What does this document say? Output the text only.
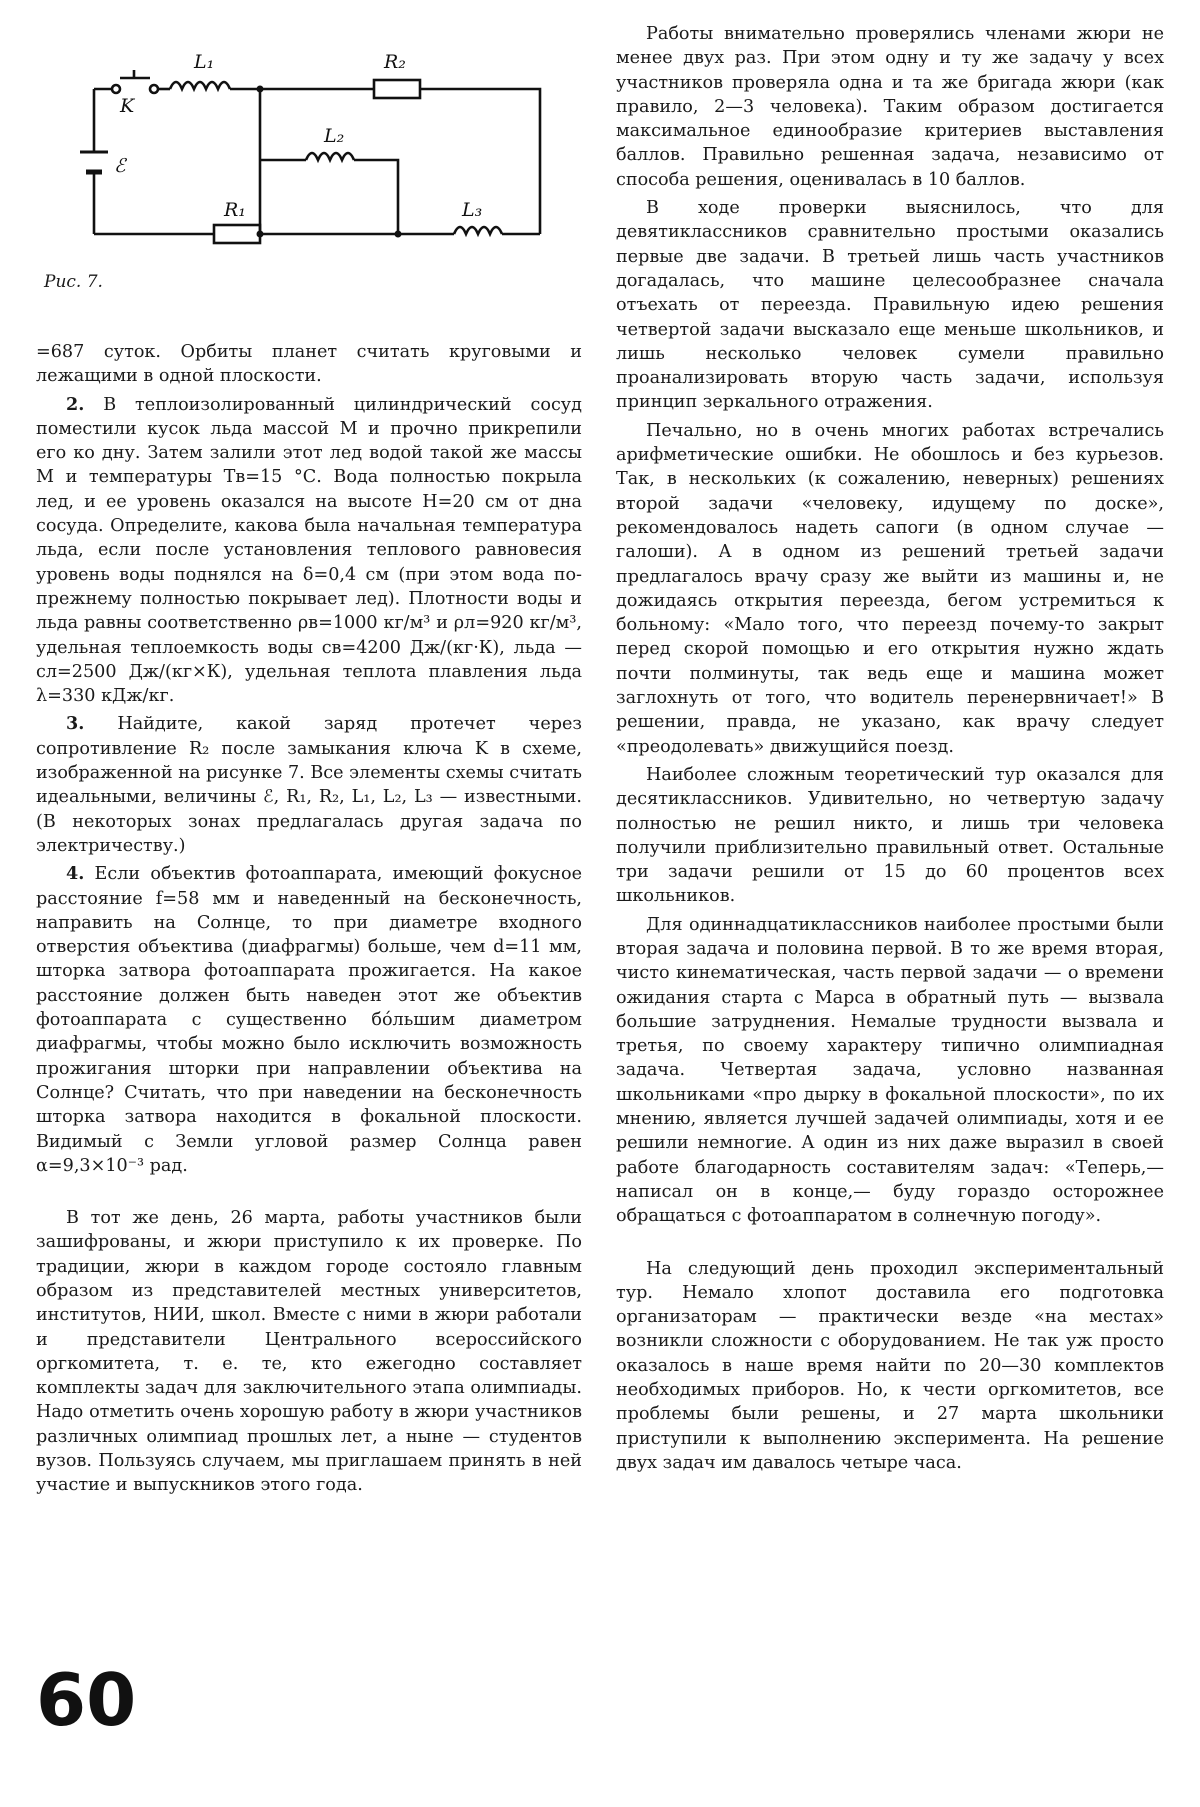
L₁	R₂
K
ℰ
L₂
R₁	L₃
Рис. 7.

=687 суток. Орбиты планет считать круговыми и лежащими в одной плоскости.

2. В теплоизолированный цилиндрический сосуд поместили кусок льда массой M и прочно прикрепили его ко дну. Затем залили этот лед водой такой же массы M и температуры Tв=15 °С. Вода полностью покрыла лед, и ее уровень оказался на высоте H=20 см от дна сосуда. Определите, какова была начальная температура льда, если после установления теплового равновесия уровень воды поднялся на δ=0,4 см (при этом вода по-прежнему полностью покрывает лед). Плотности воды и льда равны соответственно ρв=1000 кг/м³ и ρл=920 кг/м³, удельная теплоемкость воды cв=4200 Дж/(кг·К), льда — cл=2500 Дж/(кг×К), удельная теплота плавления льда λ=330 кДж/кг.

3. Найдите, какой заряд протечет через сопротивление R₂ после замыкания ключа K в схеме, изображенной на рисунке 7. Все элементы схемы считать идеальными, величины ℰ, R₁, R₂, L₁, L₂, L₃ — известными. (В некоторых зонах предлагалась другая задача по электричеству.)

4. Если объектив фотоаппарата, имеющий фокусное расстояние f=58 мм и наведенный на бесконечность, направить на Солнце, то при диаметре входного отверстия объектива (диафрагмы) больше, чем d=11 мм, шторка затвора фотоаппарата прожигается. На какое расстояние должен быть наведен этот же объектив фотоаппарата с существенно бо́льшим диаметром диафрагмы, чтобы можно было исключить возможность прожигания шторки при направлении объектива на Солнце? Считать, что при наведении на бесконечность шторка затвора находится в фокальной плоскости. Видимый с Земли угловой размер Солнца равен α=9,3×10⁻³ рад.

В тот же день, 26 марта, работы участников были зашифрованы, и жюри приступило к их проверке. По традиции, жюри в каждом городе состояло главным образом из представителей местных университетов, институтов, НИИ, школ. Вместе с ними в жюри работали и представители Центрального всероссийского оргкомитета, т. е. те, кто ежегодно составляет комплекты задач для заключительного этапа олимпиады. Надо отметить очень хорошую работу в жюри участников различных олимпиад прошлых лет, а ныне — студентов вузов. Пользуясь случаем, мы приглашаем принять в ней участие и выпускников этого года.

Работы внимательно проверялись членами жюри не менее двух раз. При этом одну и ту же задачу у всех участников проверяла одна и та же бригада жюри (как правило, 2—3 человека). Таким образом достигается максимальное единообразие критериев выставления баллов. Правильно решенная задача, независимо от способа решения, оценивалась в 10 баллов.

В ходе проверки выяснилось, что для девятиклассников сравнительно простыми оказались первые две задачи. В третьей лишь часть участников догадалась, что машине целесообразнее сначала отъехать от переезда. Правильную идею решения четвертой задачи высказало еще меньше школьников, и лишь несколько человек сумели правильно проанализировать вторую часть задачи, используя принцип зеркального отражения.

Печально, но в очень многих работах встречались арифметические ошибки. Не обошлось и без курьезов. Так, в нескольких (к сожалению, неверных) решениях второй задачи «человеку, идущему по доске», рекомендовалось надеть сапоги (в одном случае — галоши). А в одном из решений третьей задачи предлагалось врачу сразу же выйти из машины и, не дожидаясь открытия переезда, бегом устремиться к больному: «Мало того, что переезд почему-то закрыт перед скорой помощью и его открытия нужно ждать почти полминуты, так ведь еще и машина может заглохнуть от того, что водитель перенервничает!» В решении, правда, не указано, как врачу следует «преодолевать» движущийся поезд.

Наиболее сложным теоретический тур оказался для десятиклассников. Удивительно, но четвертую задачу полностью не решил никто, и лишь три человека получили приблизительно правильный ответ. Остальные три задачи решили от 15 до 60 процентов всех школьников.

Для одиннадцатиклассников наиболее простыми были вторая задача и половина первой. В то же время вторая, чисто кинематическая, часть первой задачи — о времени ожидания старта с Марса в обратный путь — вызвала большие затруднения. Немалые трудности вызвала и третья, по своему характеру типично олимпиадная задача. Четвертая задача, условно названная школьниками «про дырку в фокальной плоскости», по их мнению, является лучшей задачей олимпиады, хотя и ее решили немногие. А один из них даже выразил в своей работе благодарность составителям задач: «Теперь,— написал он в конце,— буду гораздо осторожнее обращаться с фотоаппаратом в солнечную погоду».

На следующий день проходил экспериментальный тур. Немало хлопот доставила его подготовка организаторам — практически везде «на местах» возникли сложности с оборудованием. Не так уж просто оказалось в наше время найти по 20—30 комплектов необходимых приборов. Но, к чести оргкомитетов, все проблемы были решены, и 27 марта школьники приступили к выполнению эксперимента. На решение двух задач им давалось четыре часа.

60
